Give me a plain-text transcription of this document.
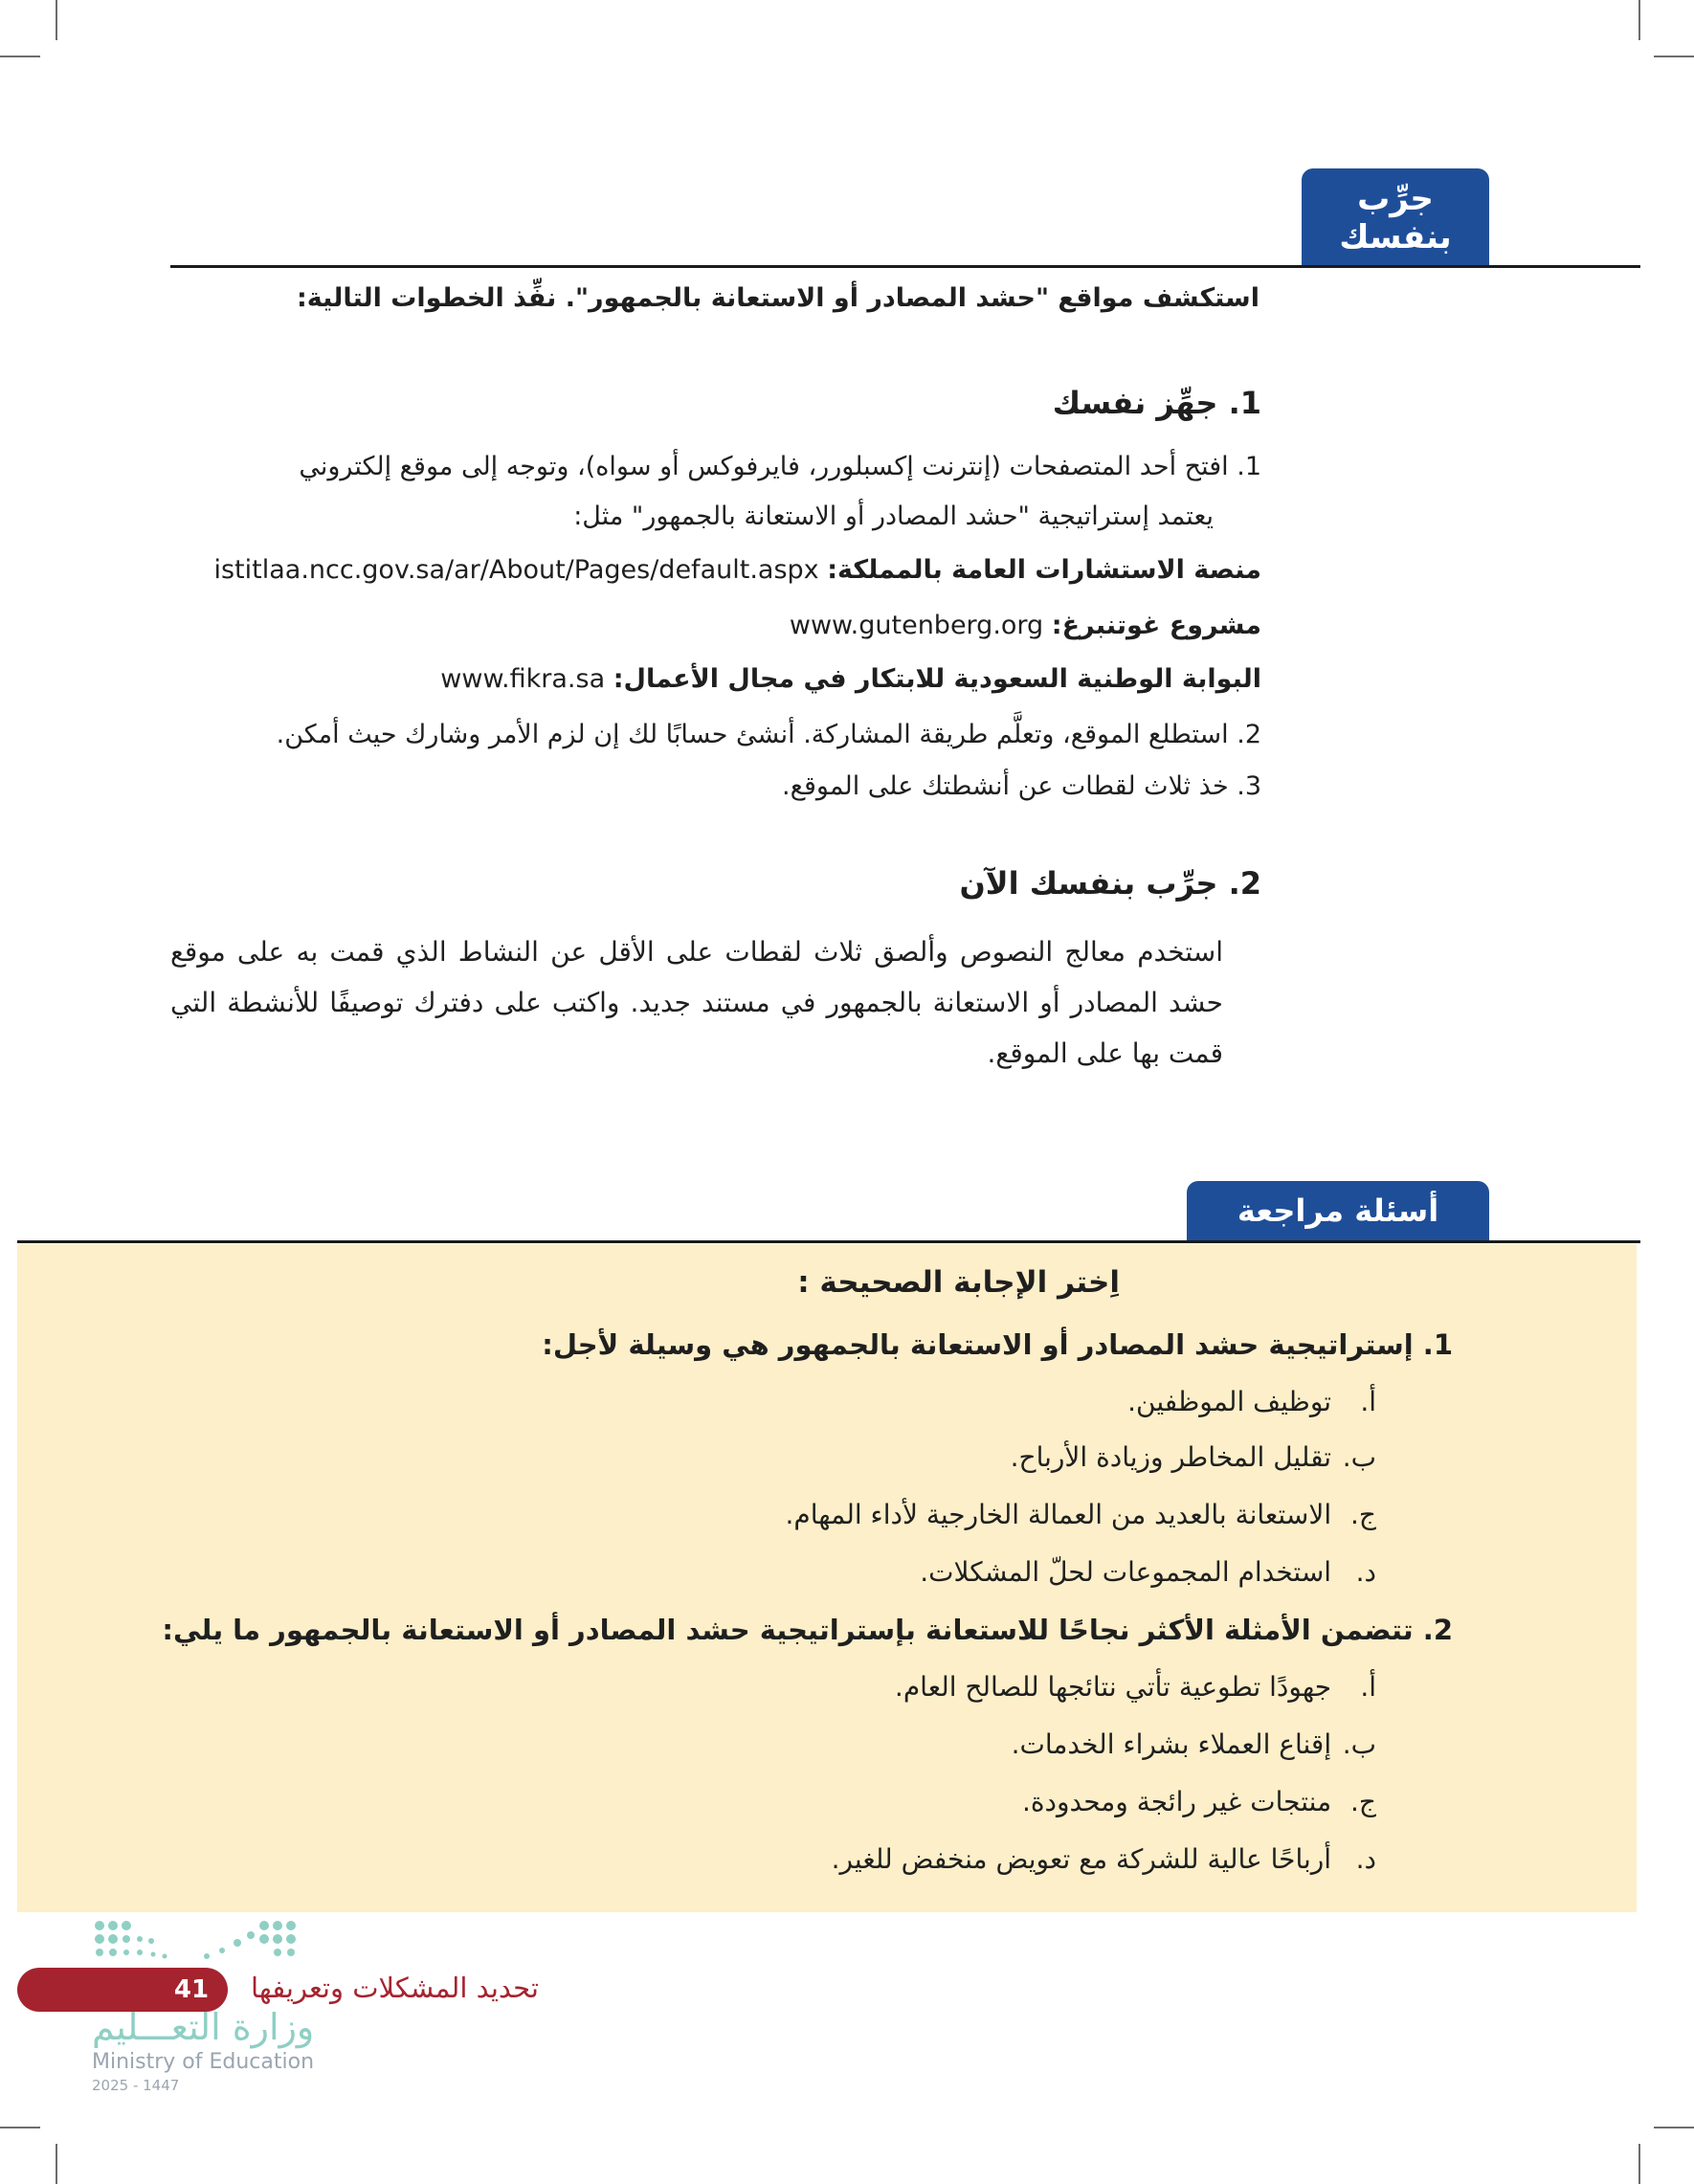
جرِّب
بنفسك
استكشف مواقع "حشد المصادر أو الاستعانة بالجمهور". نفِّذ الخطوات التالية:
1. جهِّز نفسك
1. افتح أحد المتصفحات (إنترنت إكسبلورر، فايرفوكس أو سواه)، وتوجه إلى موقع إلكتروني
يعتمد إستراتيجية "حشد المصادر أو الاستعانة بالجمهور" مثل:
منصة الاستشارات العامة بالمملكة: istitlaa.ncc.gov.sa/ar/About/Pages/default.aspx
مشروع غوتنبرغ: www.gutenberg.org
البوابة الوطنية السعودية للابتكار في مجال الأعمال: www.fikra.sa
2. استطلع الموقع، وتعلَّم طريقة المشاركة. أنشئ حسابًا لك إن لزم الأمر وشارك حيث أمكن.
3. خذ ثلاث لقطات عن أنشطتك على الموقع.
2. جرِّب بنفسك الآن
استخدم معالج النصوص وألصق ثلاث لقطات على الأقل عن النشاط الذي قمت به على موقع حشد المصادر أو الاستعانة بالجمهور في مستند جديد. واكتب على دفترك توصيفًا للأنشطة التي قمت بها على الموقع.
أسئلة مراجعة
اِختر الإجابة الصحيحة :
1. إستراتيجية حشد المصادر أو الاستعانة بالجمهور هي وسيلة لأجل:
أ. توظيف الموظفين.
ب. تقليل المخاطر وزيادة الأرباح.
ج. الاستعانة بالعديد من العمالة الخارجية لأداء المهام.
د. استخدام المجموعات لحلّ المشكلات.
2. تتضمن الأمثلة الأكثر نجاحًا للاستعانة بإستراتيجية حشد المصادر أو الاستعانة بالجمهور ما يلي:
أ. جهودًا تطوعية تأتي نتائجها للصالح العام.
ب. إقناع العملاء بشراء الخدمات.
ج. منتجات غير رائجة ومحدودة.
د. أرباحًا عالية للشركة مع تعويض منخفض للغير.
41	تحديد المشكلات وتعريفها
وزارة التعـــليم
Ministry of Education
2025 - 1447
